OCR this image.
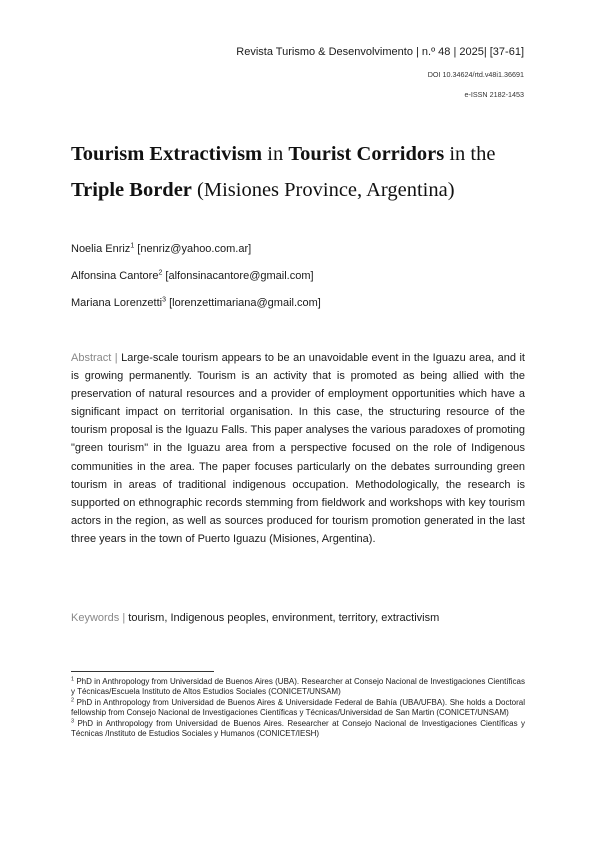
Revista Turismo & Desenvolvimento | n.º 48 | 2025| [37-61]
DOI 10.34624/rtd.v48i1.36691
e-ISSN 2182-1453
Tourism Extractivism in Tourist Corridors in the
Triple Border (Misiones Province, Argentina)
Noelia Enriz$^1$ [nenriz@yahoo.com.ar]
Alfonsina Cantore$^2$ [alfonsinacantore@gmail.com]
Mariana Lorenzetti$^3$ [lorenzettimariana@gmail.com]
Abstract | Large-scale tourism appears to be an unavoidable event in the Iguazu area, and it is growing permanently. Tourism is an activity that is promoted as being allied with the preservation of natural resources and a provider of employment opportunities which have a significant impact on territorial organisation. In this case, the structuring resource of the tourism proposal is the Iguazu Falls. This paper analyses the various paradoxes of promoting "green tourism" in the Iguazu area from a perspective focused on the role of Indigenous communities in the area. The paper focuses particularly on the debates surrounding green tourism in areas of traditional indigenous occupation. Methodologically, the research is supported on ethnographic records stemming from fieldwork and workshops with key tourism actors in the region, as well as sources produced for tourism promotion generated in the last three years in the town of Puerto Iguazu (Misiones, Argentina).
Keywords | tourism, Indigenous peoples, environment, territory, extractivism

$^1$ PhD in Anthropology from Universidad de Buenos Aires (UBA). Researcher at Consejo Nacional de Investigaciones Científicas y Técnicas/Escuela Instituto de Altos Estudios Sociales (CONICET/UNSAM)

$^2$ PhD in Anthropology from Universidad de Buenos Aires & Universidade Federal de Bahía (UBA/UFBA). She holds a Doctoral fellowship from Consejo Nacional de Investigaciones Científicas y Técnicas/Universidad de San Martin (CONICET/UNSAM)

$^3$ PhD in Anthropology from Universidad de Buenos Aires. Researcher at Consejo Nacional de Investigaciones Científicas y Técnicas /Instituto de Estudios Sociales y Humanos (CONICET/IESH)
